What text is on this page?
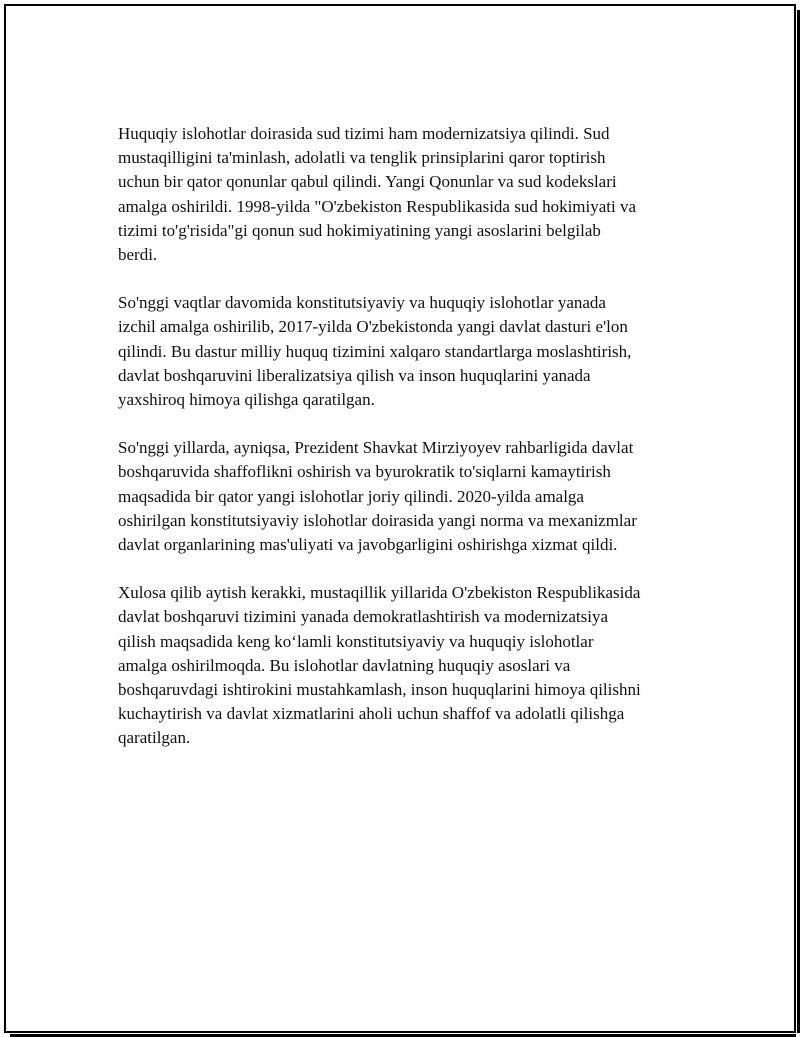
Huquqiy islohotlar doirasida sud tizimi ham modernizatsiya qilindi. Sud
mustaqilligini ta'minlash, adolatli va tenglik prinsiplarini qaror toptirish
uchun bir qator qonunlar qabul qilindi. Yangi Qonunlar va sud kodekslari
amalga oshirildi. 1998-yilda "O'zbekiston Respublikasida sud hokimiyati va
tizimi to'g'risida"gi qonun sud hokimiyatining yangi asoslarini belgilab
berdi.

So'nggi vaqtlar davomida konstitutsiyaviy va huquqiy islohotlar yanada
izchil amalga oshirilib, 2017-yilda O'zbekistonda yangi davlat dasturi e'lon
qilindi. Bu dastur milliy huquq tizimini xalqaro standartlarga moslashtirish,
davlat boshqaruvini liberalizatsiya qilish va inson huquqlarini yanada
yaxshiroq himoya qilishga qaratilgan.

So'nggi yillarda, ayniqsa, Prezident Shavkat Mirziyoyev rahbarligida davlat
boshqaruvida shaffoflikni oshirish va byurokratik to'siqlarni kamaytirish
maqsadida bir qator yangi islohotlar joriy qilindi. 2020-yilda amalga
oshirilgan konstitutsiyaviy islohotlar doirasida yangi norma va mexanizmlar
davlat organlarining mas'uliyati va javobgarligini oshirishga xizmat qildi.

Xulosa qilib aytish kerakki, mustaqillik yillarida O'zbekiston Respublikasida
davlat boshqaruvi tizimini yanada demokratlashtirish va modernizatsiya
qilish maqsadida keng ko‘lamli konstitutsiyaviy va huquqiy islohotlar
amalga oshirilmoqda. Bu islohotlar davlatning huquqiy asoslari va
boshqaruvdagi ishtirokini mustahkamlash, inson huquqlarini himoya qilishni
kuchaytirish va davlat xizmatlarini aholi uchun shaffof va adolatli qilishga
qaratilgan.
